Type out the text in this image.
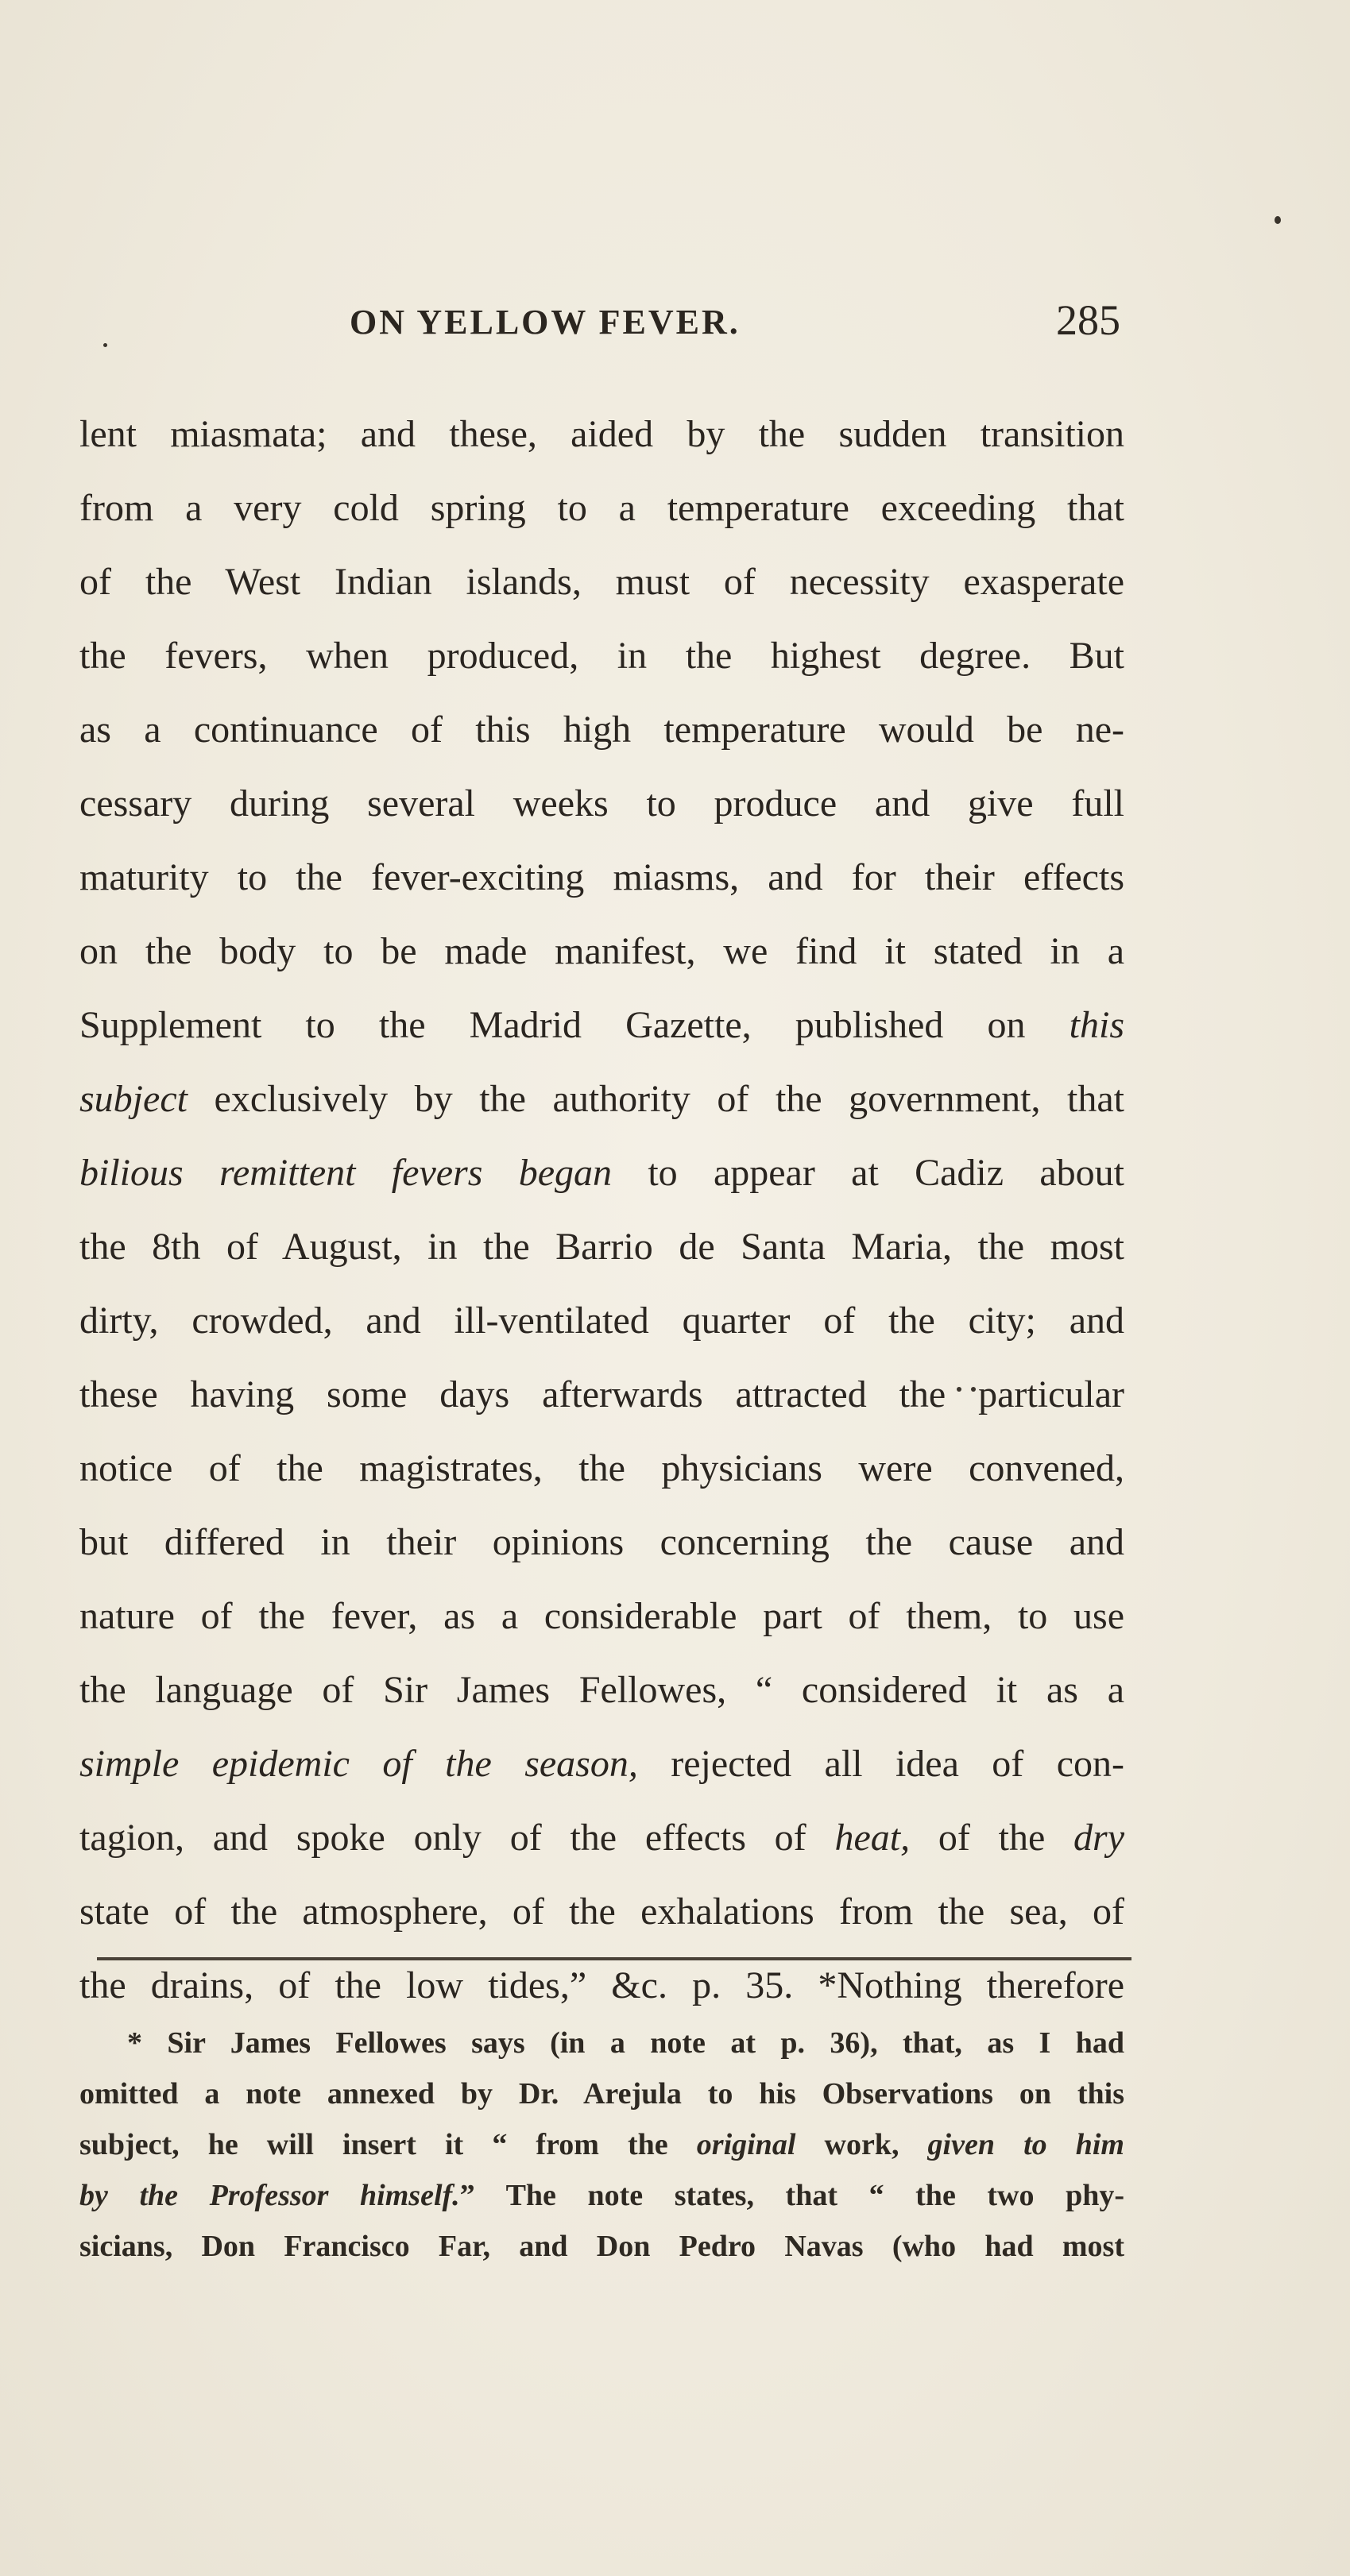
ON YELLOW FEVER.	285
lent miasmata; and these, aided by the sudden transition
from a very cold spring to a temperature exceeding that
of the West Indian islands, must of necessity exasperate
the fevers, when produced, in the highest degree. But
as a continuance of this high temperature would be ne-
cessary during several weeks to produce and give full
maturity to the fever-exciting miasms, and for their effects
on the body to be made manifest, we find it stated in a
Supplement to the Madrid Gazette, published on this
subject exclusively by the authority of the government, that
bilious remittent fevers began to appear at Cadiz about
the 8th of August, in the Barrio de Santa Maria, the most
dirty, crowded, and ill-ventilated quarter of the city; and
these having some days afterwards attracted the particular
notice of the magistrates, the physicians were convened,
but differed in their opinions concerning the cause and
nature of the fever, as a considerable part of them, to use
the language of Sir James Fellowes, “ considered it as a
simple epidemic of the season, rejected all idea of con-
tagion, and spoke only of the effects of heat, of the dry
state of the atmosphere, of the exhalations from the sea, of
the drains, of the low tides,” &c. p. 35. *Nothing therefore
* Sir James Fellowes says (in a note at p. 36), that, as I had
omitted a note annexed by Dr. Arejula to his Observations on this
subject, he will insert it “ from the original work, given to him
by the Professor himself.” The note states, that “ the two phy-
sicians, Don Francisco Far, and Don Pedro Navas (who had most
